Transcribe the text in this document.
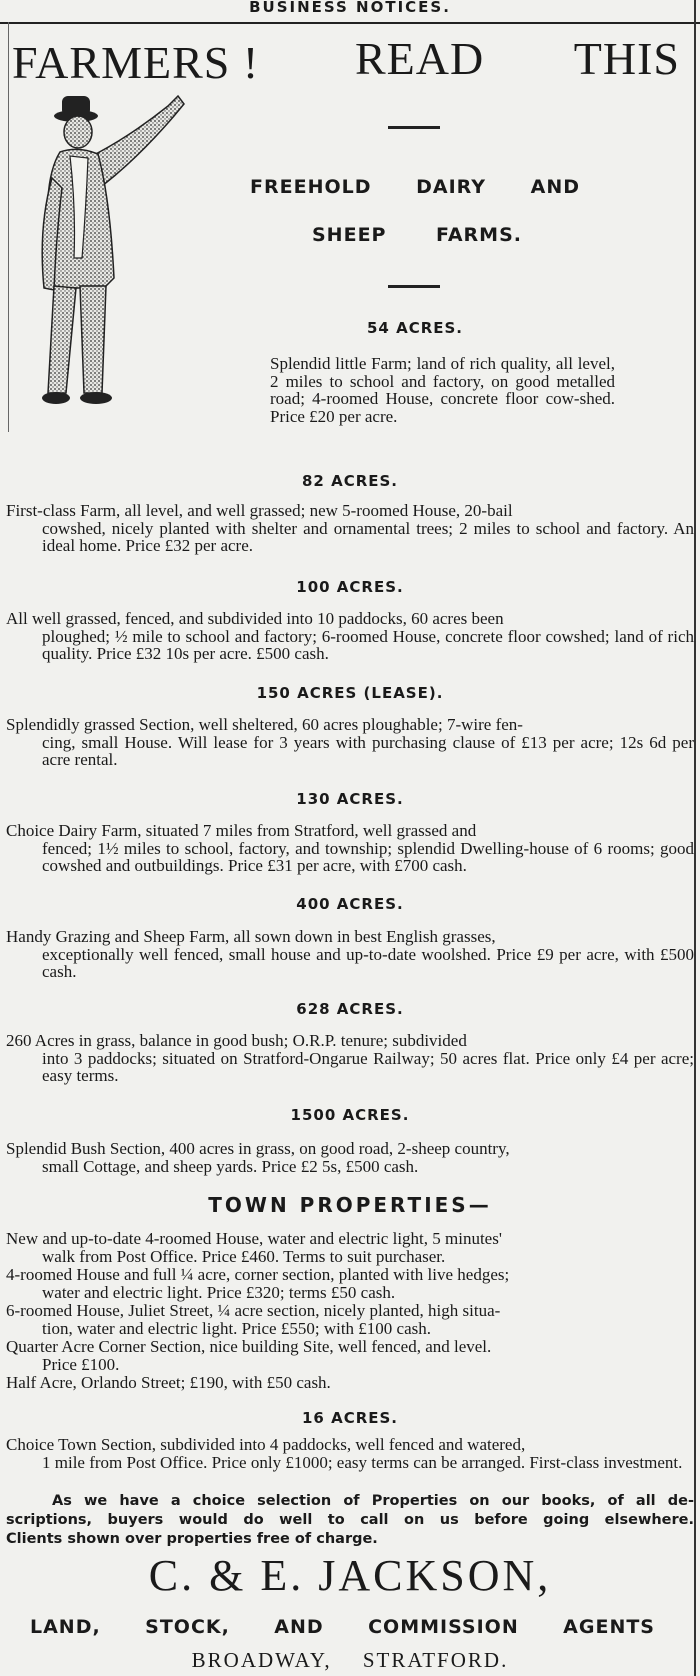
BUSINESS NOTICES.
FARMERS ! READ THIS
FREEHOLD DAIRY AND
SHEEP FARMS.
54 ACRES.
Splendid little Farm; land of rich quality, all level, 2 miles to school and factory, on good metalled road; 4-roomed House, concrete floor cow-shed. Price £20 per acre.
82 ACRES.
First-class Farm, all level, and well grassed; new 5-roomed House, 20-bail
cowshed, nicely planted with shelter and ornamental trees; 2 miles to school and factory. An ideal home. Price £32 per acre.
100 ACRES.
All well grassed, fenced, and subdivided into 10 paddocks, 60 acres been
ploughed; ½ mile to school and factory; 6-roomed House, concrete floor cowshed; land of rich quality. Price £32 10s per acre. £500 cash.
150 ACRES (LEASE).
Splendidly grassed Section, well sheltered, 60 acres ploughable; 7-wire fen-
cing, small House. Will lease for 3 years with purchasing clause of £13 per acre; 12s 6d per acre rental.
130 ACRES.
Choice Dairy Farm, situated 7 miles from Stratford, well grassed and
fenced; 1½ miles to school, factory, and township; splendid Dwelling-house of 6 rooms; good cowshed and outbuildings. Price £31 per acre, with £700 cash.
400 ACRES.
Handy Grazing and Sheep Farm, all sown down in best English grasses,
exceptionally well fenced, small house and up-to-date woolshed. Price £9 per acre, with £500 cash.
628 ACRES.
260 Acres in grass, balance in good bush; O.R.P. tenure; subdivided
into 3 paddocks; situated on Stratford-Ongarue Railway; 50 acres flat. Price only £4 per acre; easy terms.
1500 ACRES.
Splendid Bush Section, 400 acres in grass, on good road, 2-sheep country,
small Cottage, and sheep yards. Price £2 5s, £500 cash.
TOWN PROPERTIES—
New and up-to-date 4-roomed House, water and electric light, 5 minutes'
walk from Post Office. Price £460. Terms to suit purchaser.
4-roomed House and full ¼ acre, corner section, planted with live hedges;
water and electric light. Price £320; terms £50 cash.
6-roomed House, Juliet Street, ¼ acre section, nicely planted, high situa-
tion, water and electric light. Price £550; with £100 cash.
Quarter Acre Corner Section, nice building Site, well fenced, and level.
Price £100.
Half Acre, Orlando Street; £190, with £50 cash.
16 ACRES.
Choice Town Section, subdivided into 4 paddocks, well fenced and watered,
1 mile from Post Office. Price only £1000; easy terms can be arranged. First-class investment.
As we have a choice selection of Properties on our books, of all de-
scriptions, buyers would do well to call on us before going elsewhere.
Clients shown over properties free of charge.
C. & E. JACKSON,
LAND, STOCK, AND COMMISSION AGENTS
BROADWAY, STRATFORD.
